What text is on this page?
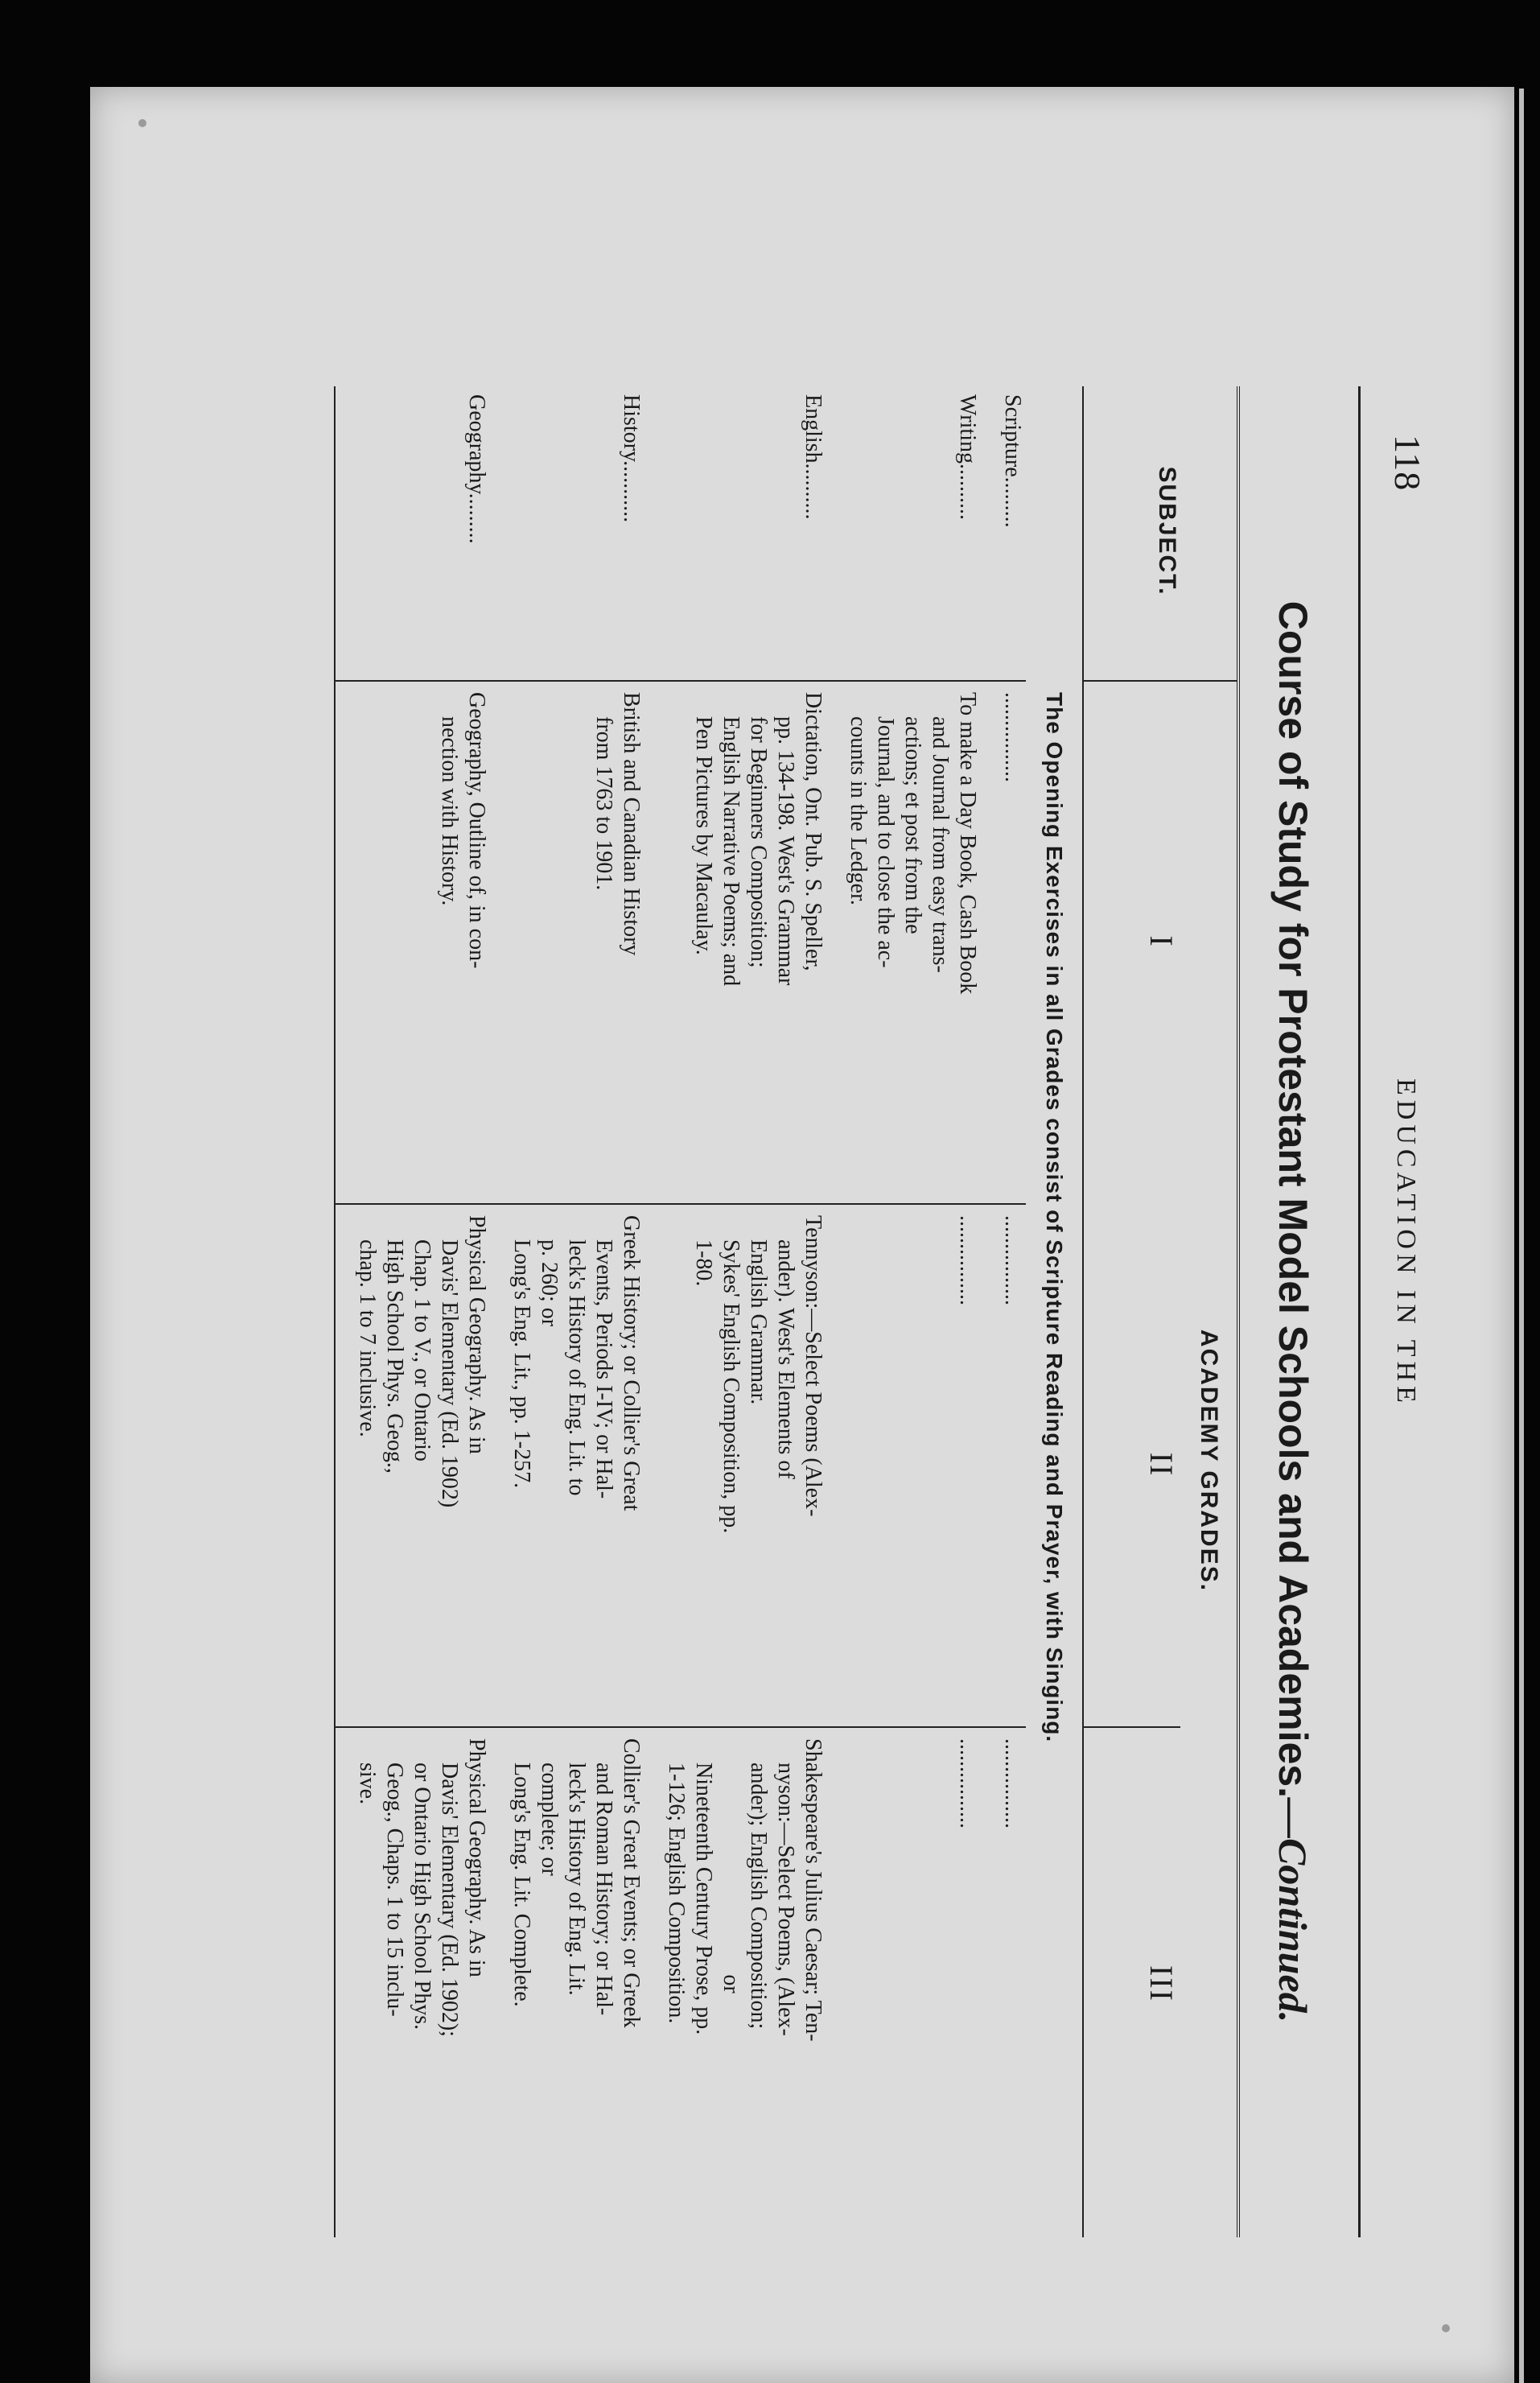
118
EDUCATION IN THE
Course of Study for Protestant Model Schools and Academies.—Continued.
SUBJECT.
ACADEMY GRADES.
I
II
III
The Opening Exercises in all Grades consist of Scripture Reading and Prayer, with Singing.
Scripture.........
................
................
................
Writing..........
To make a Day Book, Cash Book
and Journal from easy trans-
actions; et post from the
Journal, and to close the ac-
counts in the Ledger.
................
................
English..........
Dictation, Ont. Pub. S. Speller,
pp. 134-198. West's Grammar
for Beginners Composition;
English Narrative Poems; and
Pen Pictures by Macaulay.
Tennyson:—Select Poems (Alex-
ander). West's Elements of
English Grammar.
Sykes' English Composition, pp.
1-80.
Shakespeare's Julius Caesar; Ten-
nyson:—Select Poems, (Alex-
ander); English Composition;
or
Nineteenth Century Prose, pp.
1-126; English Composition.
History...........
British and Canadian History
from 1763 to 1901.
Greek History; or Collier's Great
Events, Periods I-IV; or Hal-
leck's History of Eng. Lit. to
p. 260; or
Long's Eng. Lit., pp. 1-257.
Collier's Great Events; or Greek
and Roman History; or Hal-
leck's History of Eng. Lit.
complete; or
Long's Eng. Lit. Complete.
Geography.........
Geography, Outline of, in con-
nection with History.
Physical Geography. As in
Davis' Elementary (Ed. 1902)
Chap. 1 to V., or Ontario
High School Phys. Geog.,
chap. 1 to 7 inclusive.
Physical Geography. As in
Davis' Elementary (Ed. 1902);
or Ontario High School Phys.
Geog., Chaps. 1 to 15 inclu-
sive.
